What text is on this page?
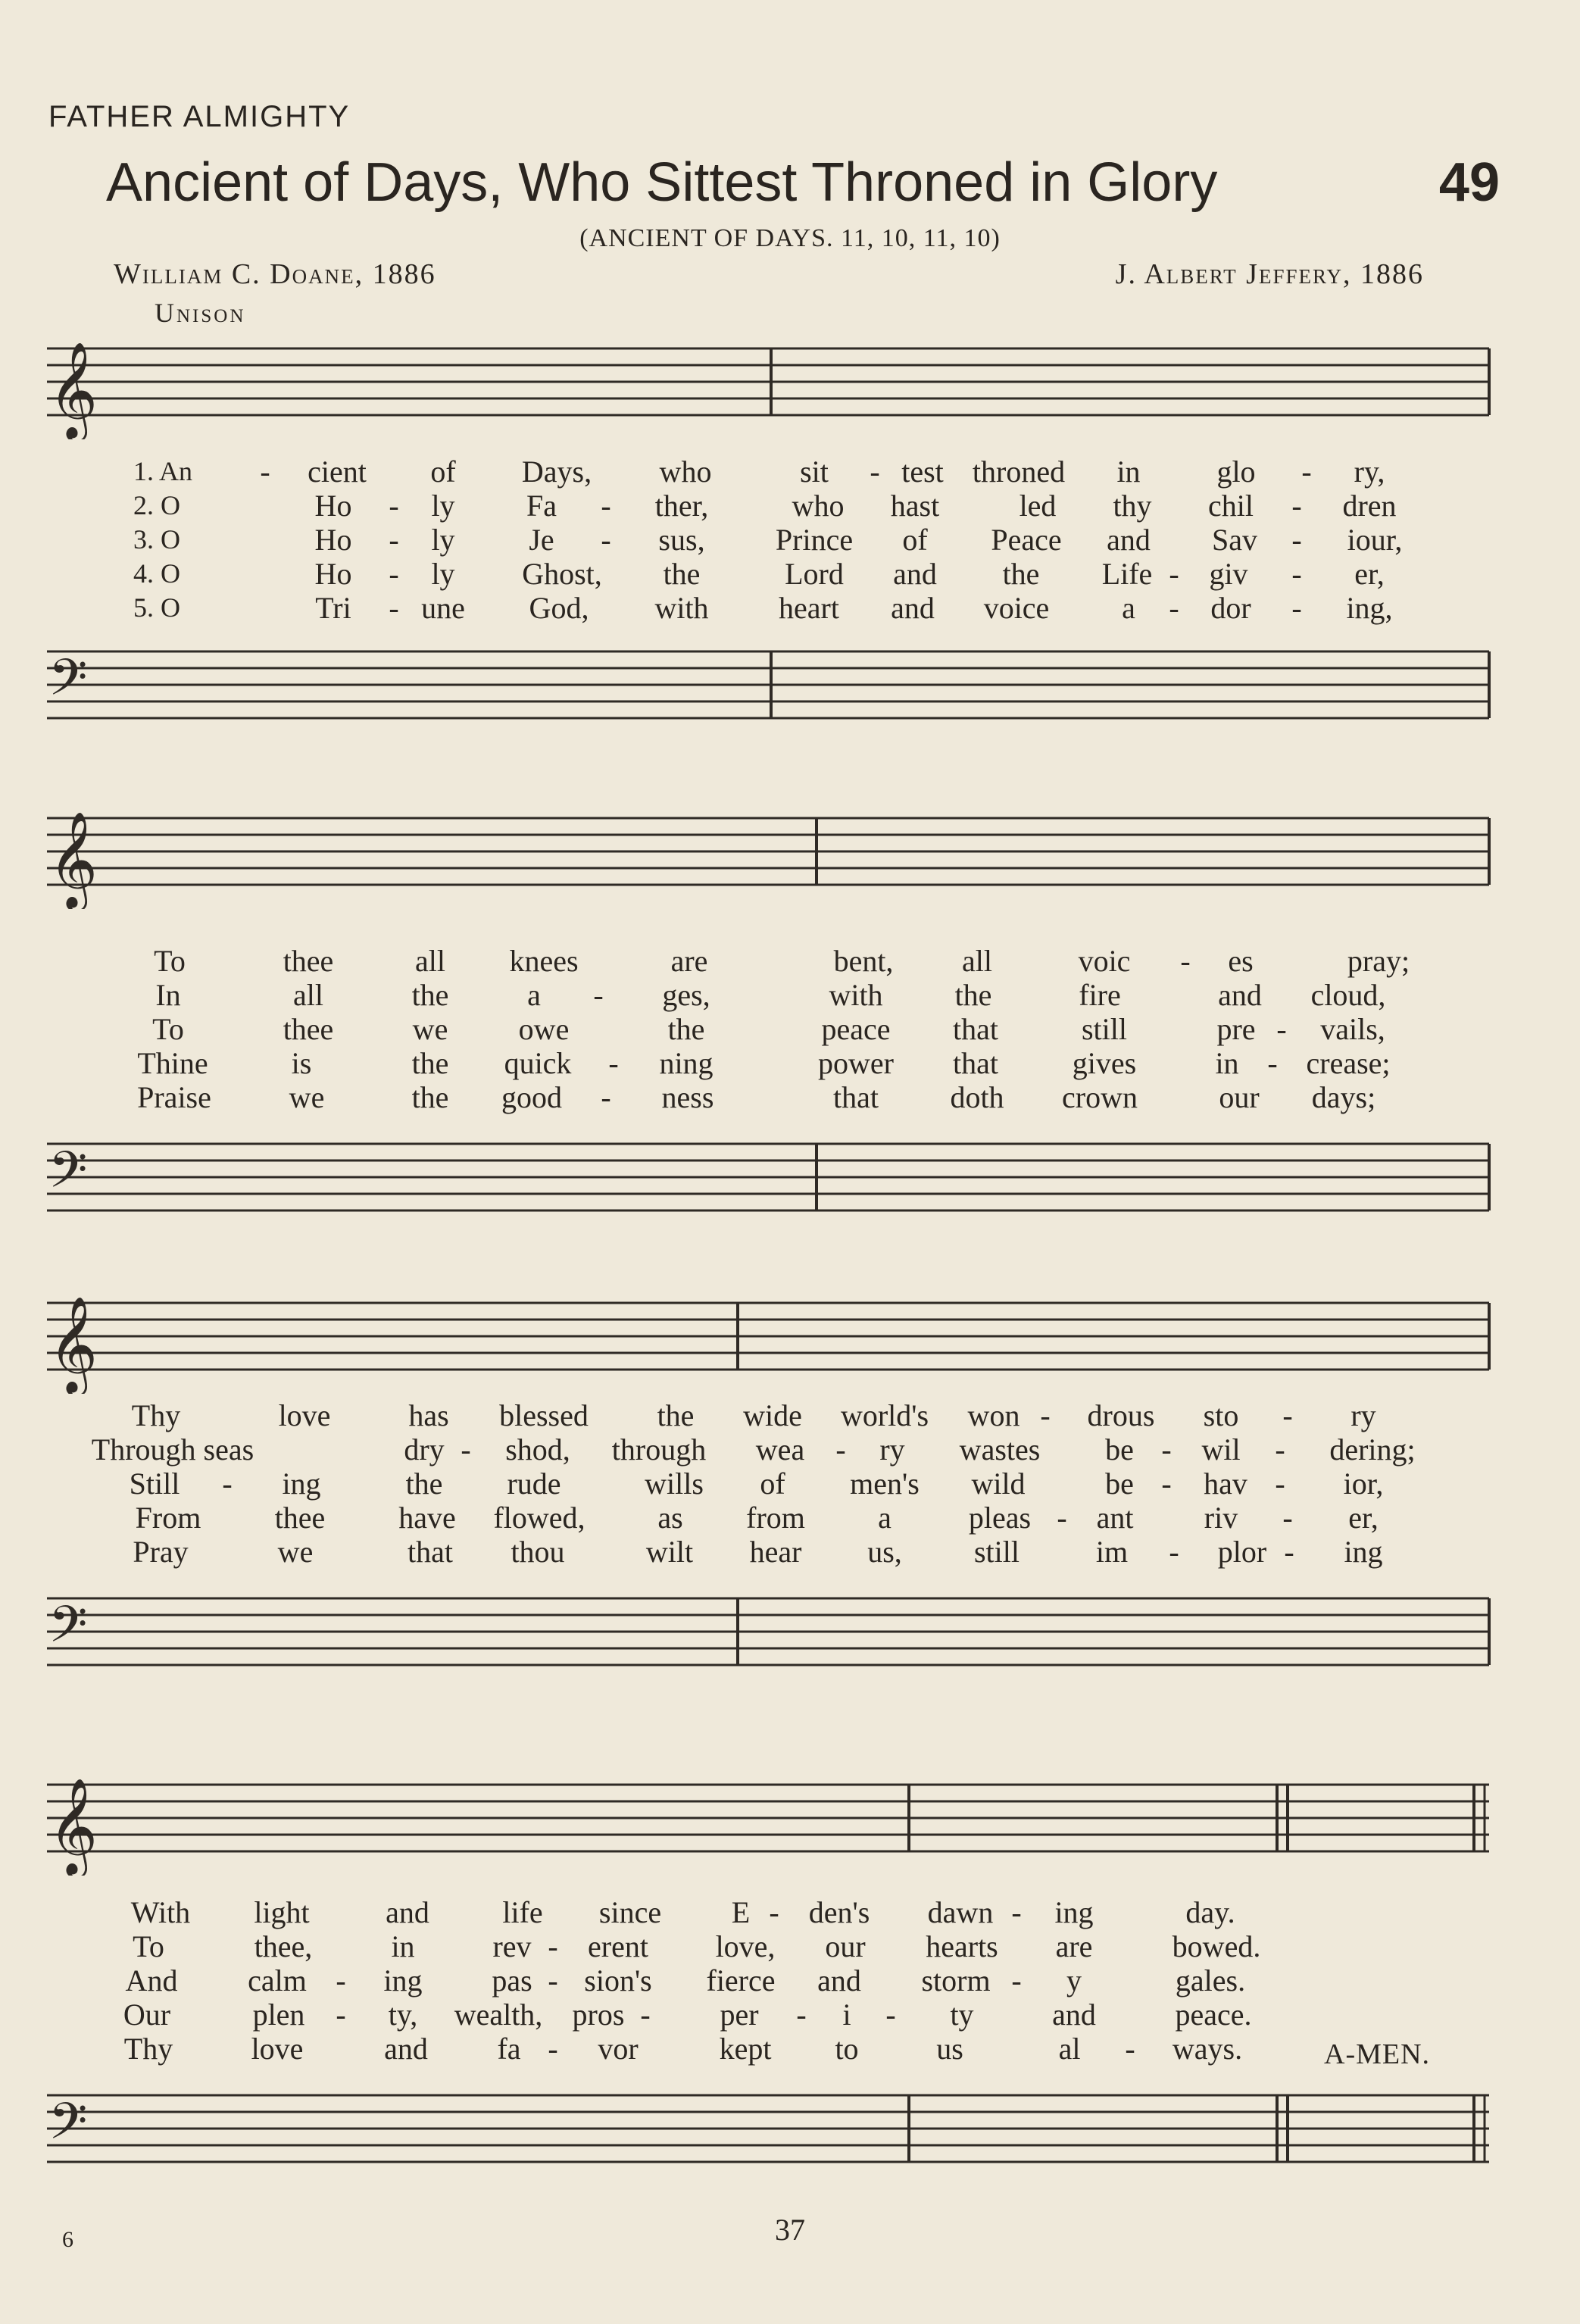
FATHER ALMIGHTY
Ancient of Days, Who Sittest Throned in Glory	49
(ANCIENT OF DAYS. 11, 10, 11, 10)
William C. Doane, 1886	J. Albert Jeffery, 1886
Unison
𝄞
1. An - cient of Days, who	sit - test throned in	glo - ry,
2. O	Ho - ly Fa - ther,	who hast	led thy chil - dren
3. O	Ho - ly Je - sus, Prince of Peace and Sav - iour,
4. O	Ho - ly Ghost, the	Lord and the Life - giv - er,
5. O	Tri - une God, with heart and voice a - dor - ing,
𝄢
𝄞
To	thee	all knees	are	bent, all	voic - es	pray;
In	all	the	a - ges,	with the	fire	and cloud,
To	thee	we owe	the	peace that	still	pre - vails,
Thine	is	the quick - ning	power that gives	in - crease;
Praise	we	the good - ness	that doth crown	our days;
𝄢
𝄞
Thy	love	has blessed the wide world's won - drous sto - ry
Through seas	dry - shod, through wea - ry wastes be - wil - dering;
Still - ing	the rude	wills of men's wild	be - hav - ior,
From thee have flowed, as from a	pleas - ant riv - er,
Pray	we	that thou	wilt hear us, still	im - plor - ing
𝄢
𝄞
With light	and life since E - den's dawn - ing	day.
To	thee,	in	rev - erent love, our hearts are	bowed.
And calm - ing pas - sion's fierce and storm - y	gales.
Our	plen - ty, wealth, pros - per - i - ty	and	peace.
Thy	love	and fa - vor	kept to	us	al - ways.	A-MEN.
𝄢
6	37
